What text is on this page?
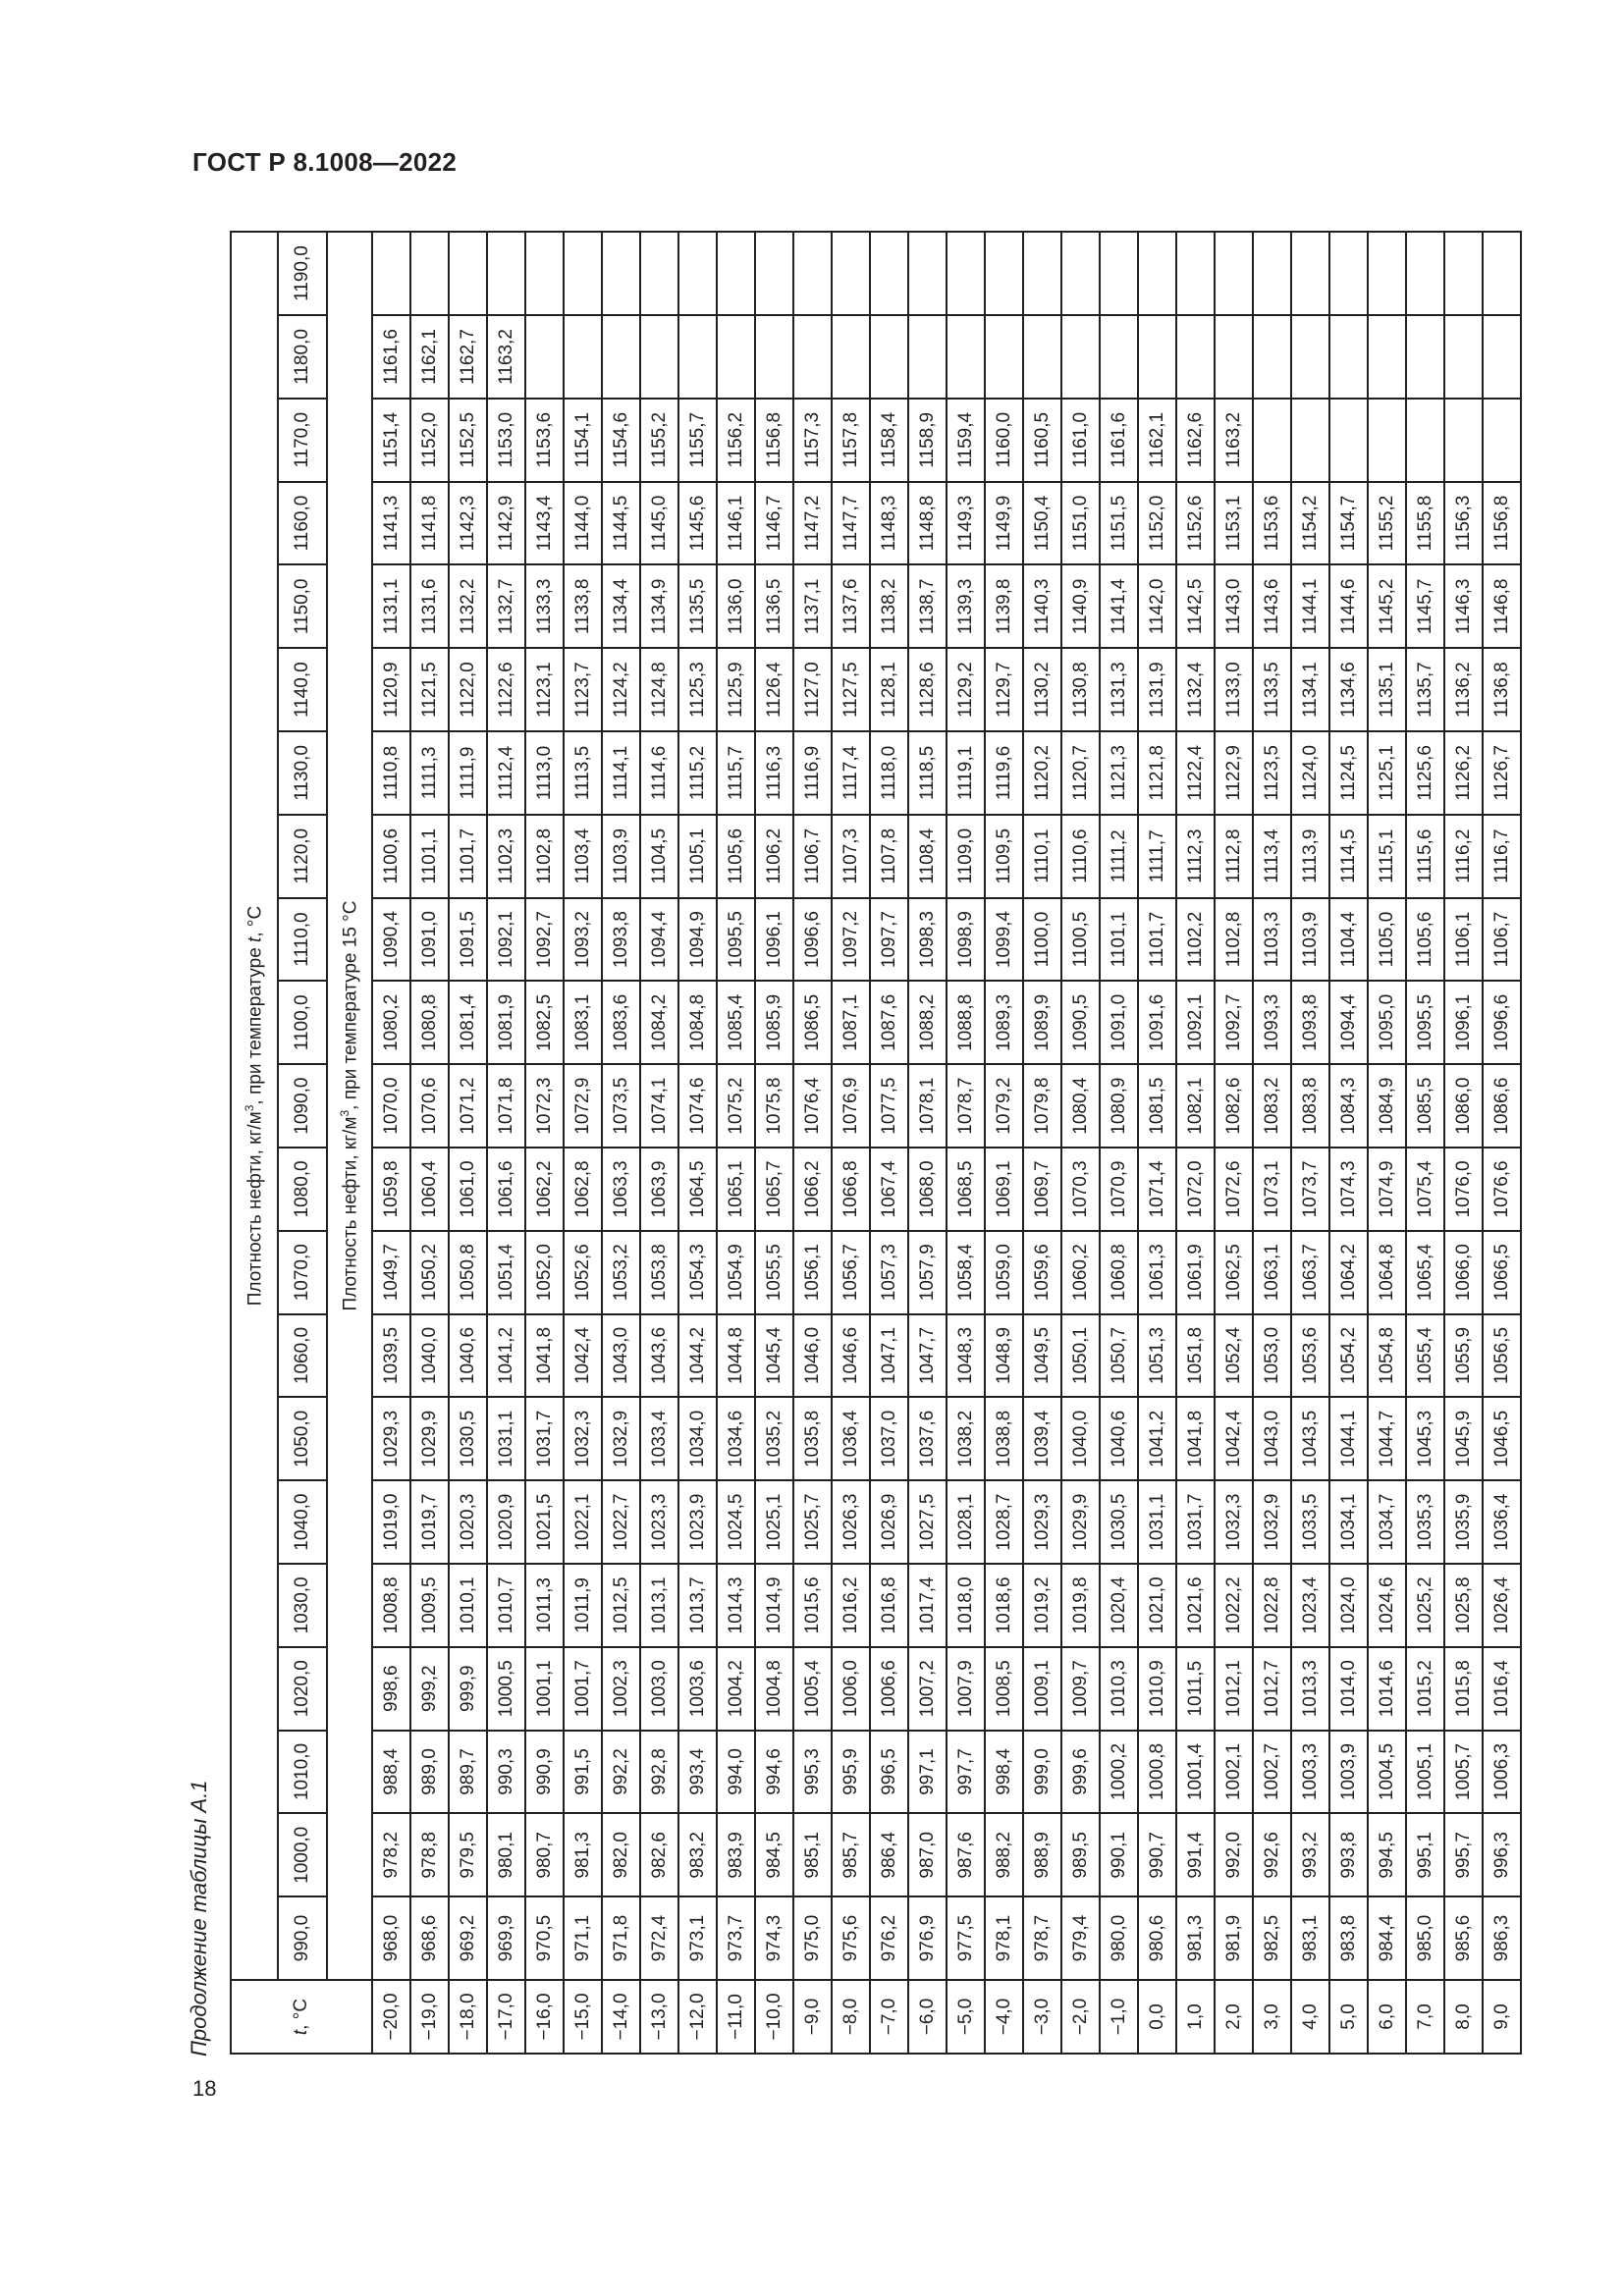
ГОСТ Р 8.1008—2022
Продолжение таблицы А.1
18
t, °C	Плотность нефти, $кг/м^3$, при температуре t, °C																				
	990,0	1000,0	1010,0	1020,0	1030,0	1040,0	1050,0	1060,0	1070,0	1080,0	1090,0	1100,0	1110,0	1120,0	1130,0	1140,0	1150,0	1160,0	1170,0	1180,0	1190,0
	Плотность нефти, $кг/м^3$, при температуре 15 °C																				
−20,0	968,0	978,2	988,4	998,6	1008,8	1019,0	1029,3	1039,5	1049,7	1059,8	1070,0	1080,2	1090,4	1100,6	1110,8	1120,9	1131,1	1141,3	1151,4	1161,6	
−19,0	968,6	978,8	989,0	999,2	1009,5	1019,7	1029,9	1040,0	1050,2	1060,4	1070,6	1080,8	1091,0	1101,1	1111,3	1121,5	1131,6	1141,8	1152,0	1162,1	
−18,0	969,2	979,5	989,7	999,9	1010,1	1020,3	1030,5	1040,6	1050,8	1061,0	1071,2	1081,4	1091,5	1101,7	1111,9	1122,0	1132,2	1142,3	1152,5	1162,7	
−17,0	969,9	980,1	990,3	1000,5	1010,7	1020,9	1031,1	1041,2	1051,4	1061,6	1071,8	1081,9	1092,1	1102,3	1112,4	1122,6	1132,7	1142,9	1153,0	1163,2	
−16,0	970,5	980,7	990,9	1001,1	1011,3	1021,5	1031,7	1041,8	1052,0	1062,2	1072,3	1082,5	1092,7	1102,8	1113,0	1123,1	1133,3	1143,4	1153,6		
−15,0	971,1	981,3	991,5	1001,7	1011,9	1022,1	1032,3	1042,4	1052,6	1062,8	1072,9	1083,1	1093,2	1103,4	1113,5	1123,7	1133,8	1144,0	1154,1		
−14,0	971,8	982,0	992,2	1002,3	1012,5	1022,7	1032,9	1043,0	1053,2	1063,3	1073,5	1083,6	1093,8	1103,9	1114,1	1124,2	1134,4	1144,5	1154,6		
−13,0	972,4	982,6	992,8	1003,0	1013,1	1023,3	1033,4	1043,6	1053,8	1063,9	1074,1	1084,2	1094,4	1104,5	1114,6	1124,8	1134,9	1145,0	1155,2		
−12,0	973,1	983,2	993,4	1003,6	1013,7	1023,9	1034,0	1044,2	1054,3	1064,5	1074,6	1084,8	1094,9	1105,1	1115,2	1125,3	1135,5	1145,6	1155,7		
−11,0	973,7	983,9	994,0	1004,2	1014,3	1024,5	1034,6	1044,8	1054,9	1065,1	1075,2	1085,4	1095,5	1105,6	1115,7	1125,9	1136,0	1146,1	1156,2		
−10,0	974,3	984,5	994,6	1004,8	1014,9	1025,1	1035,2	1045,4	1055,5	1065,7	1075,8	1085,9	1096,1	1106,2	1116,3	1126,4	1136,5	1146,7	1156,8		
−9,0	975,0	985,1	995,3	1005,4	1015,6	1025,7	1035,8	1046,0	1056,1	1066,2	1076,4	1086,5	1096,6	1106,7	1116,9	1127,0	1137,1	1147,2	1157,3		
−8,0	975,6	985,7	995,9	1006,0	1016,2	1026,3	1036,4	1046,6	1056,7	1066,8	1076,9	1087,1	1097,2	1107,3	1117,4	1127,5	1137,6	1147,7	1157,8		
−7,0	976,2	986,4	996,5	1006,6	1016,8	1026,9	1037,0	1047,1	1057,3	1067,4	1077,5	1087,6	1097,7	1107,8	1118,0	1128,1	1138,2	1148,3	1158,4		
−6,0	976,9	987,0	997,1	1007,2	1017,4	1027,5	1037,6	1047,7	1057,9	1068,0	1078,1	1088,2	1098,3	1108,4	1118,5	1128,6	1138,7	1148,8	1158,9		
−5,0	977,5	987,6	997,7	1007,9	1018,0	1028,1	1038,2	1048,3	1058,4	1068,5	1078,7	1088,8	1098,9	1109,0	1119,1	1129,2	1139,3	1149,3	1159,4		
−4,0	978,1	988,2	998,4	1008,5	1018,6	1028,7	1038,8	1048,9	1059,0	1069,1	1079,2	1089,3	1099,4	1109,5	1119,6	1129,7	1139,8	1149,9	1160,0		
−3,0	978,7	988,9	999,0	1009,1	1019,2	1029,3	1039,4	1049,5	1059,6	1069,7	1079,8	1089,9	1100,0	1110,1	1120,2	1130,2	1140,3	1150,4	1160,5		
−2,0	979,4	989,5	999,6	1009,7	1019,8	1029,9	1040,0	1050,1	1060,2	1070,3	1080,4	1090,5	1100,5	1110,6	1120,7	1130,8	1140,9	1151,0	1161,0		
−1,0	980,0	990,1	1000,2	1010,3	1020,4	1030,5	1040,6	1050,7	1060,8	1070,9	1080,9	1091,0	1101,1	1111,2	1121,3	1131,3	1141,4	1151,5	1161,6		
0,0	980,6	990,7	1000,8	1010,9	1021,0	1031,1	1041,2	1051,3	1061,3	1071,4	1081,5	1091,6	1101,7	1111,7	1121,8	1131,9	1142,0	1152,0	1162,1		
1,0	981,3	991,4	1001,4	1011,5	1021,6	1031,7	1041,8	1051,8	1061,9	1072,0	1082,1	1092,1	1102,2	1112,3	1122,4	1132,4	1142,5	1152,6	1162,6		
2,0	981,9	992,0	1002,1	1012,1	1022,2	1032,3	1042,4	1052,4	1062,5	1072,6	1082,6	1092,7	1102,8	1112,8	1122,9	1133,0	1143,0	1153,1	1163,2		
3,0	982,5	992,6	1002,7	1012,7	1022,8	1032,9	1043,0	1053,0	1063,1	1073,1	1083,2	1093,3	1103,3	1113,4	1123,5	1133,5	1143,6	1153,6			
4,0	983,1	993,2	1003,3	1013,3	1023,4	1033,5	1043,5	1053,6	1063,7	1073,7	1083,8	1093,8	1103,9	1113,9	1124,0	1134,1	1144,1	1154,2			
5,0	983,8	993,8	1003,9	1014,0	1024,0	1034,1	1044,1	1054,2	1064,2	1074,3	1084,3	1094,4	1104,4	1114,5	1124,5	1134,6	1144,6	1154,7			
6,0	984,4	994,5	1004,5	1014,6	1024,6	1034,7	1044,7	1054,8	1064,8	1074,9	1084,9	1095,0	1105,0	1115,1	1125,1	1135,1	1145,2	1155,2			
7,0	985,0	995,1	1005,1	1015,2	1025,2	1035,3	1045,3	1055,4	1065,4	1075,4	1085,5	1095,5	1105,6	1115,6	1125,6	1135,7	1145,7	1155,8			
8,0	985,6	995,7	1005,7	1015,8	1025,8	1035,9	1045,9	1055,9	1066,0	1076,0	1086,0	1096,1	1106,1	1116,2	1126,2	1136,2	1146,3	1156,3			
9,0	986,3	996,3	1006,3	1016,4	1026,4	1036,4	1046,5	1056,5	1066,5	1076,6	1086,6	1096,6	1106,7	1116,7	1126,7	1136,8	1146,8	1156,8			
